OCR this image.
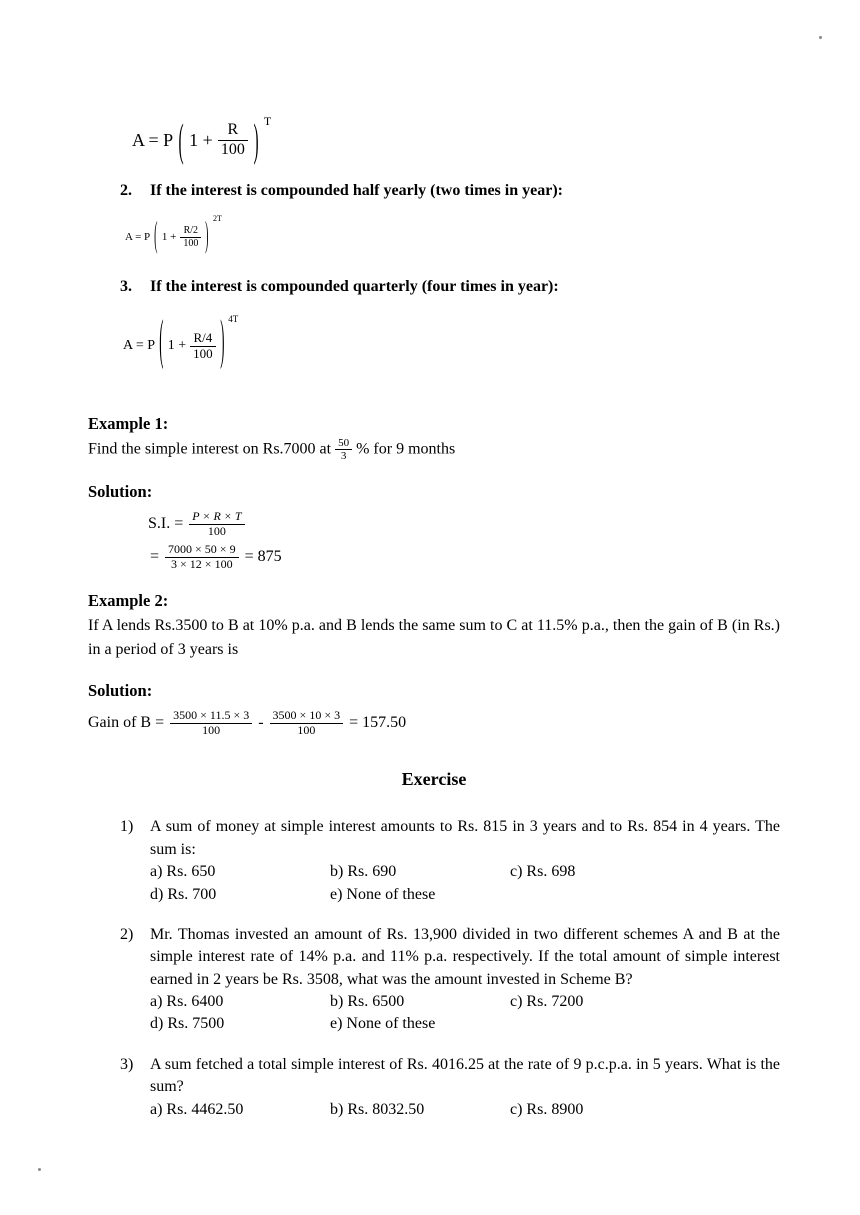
A = P ( $1 + \frac{R}{100}$ ) T
2. If the interest is compounded half yearly (two times in year):
A = P ( $1 + \frac{R/2}{100}$ ) 2T
3. If the interest is compounded quarterly (four times in year):
A = P ( $1 + \frac{R/4}{100}$ ) 4T

Example 1:

Find the simple interest on Rs.7000 at $\frac{50}{3}$ % for 9 months

Solution:

S.I. = $\frac{P \times R \times T}{100}$
= $\frac{7000 \times 50 \times 9}{3 \times 12 \times 100} = 875$

Example 2:

If A lends Rs.3500 to B at 10% p.a. and B lends the same sum to C at 11.5% p.a., then the gain of B (in Rs.) in a period of 3 years is

Solution:

Gain of $B = \frac{3500 \times 11.5 \times 3}{100} - \frac{3500 \times 10 \times 3}{100} = 157.50$
Exercise
1)	A sum of money at simple interest amounts to Rs. 815 in 3 years and to Rs. 854 in 4 years. The sum is:

a) Rs. 650	b) Rs. 690	c) Rs. 698
d) Rs. 700	e) None of these
2)	Mr. Thomas invested an amount of Rs. 13,900 divided in two different schemes A and B at the simple interest rate of 14% p.a. and 11% p.a. respectively. If the total amount of simple interest earned in 2 years be Rs. 3508, what was the amount invested in Scheme B?

a) Rs. 6400	b) Rs. 6500	c) Rs. 7200
d) Rs. 7500	e) None of these
3)	A sum fetched a total simple interest of Rs. 4016.25 at the rate of 9 p.c.p.a. in 5 years. What is the sum?

a) Rs. 4462.50	b) Rs. 8032.50	c) Rs. 8900
